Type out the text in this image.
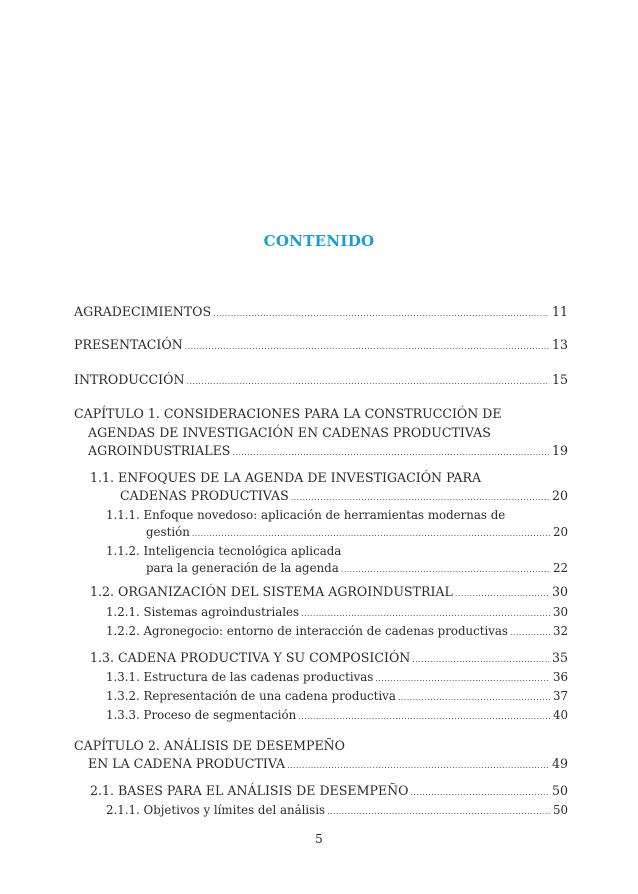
CONTENIDO
AGRADECIMIENTOS .....	11
PRESENTACIÓN .....	13
INTRODUCCIÓN .....	15
CAPÍTULO 1. CONSIDERACIONES PARA LA CONSTRUCCIÓN DE
AGENDAS DE INVESTIGACIÓN EN CADENAS PRODUCTIVAS
AGROINDUSTRIALES .....	19
1.1. ENFOQUES DE LA AGENDA DE INVESTIGACIÓN PARA
CADENAS PRODUCTIVAS .....	20
1.1.1. Enfoque novedoso: aplicación de herramientas modernas de
gestión .....	20
1.1.2. Inteligencia tecnológica aplicada
para la generación de la agenda .....	22
1.2. ORGANIZACIÓN DEL SISTEMA AGROINDUSTRIAL .....	30
1.2.1. Sistemas agroindustriales .....	30
1.2.2. Agronegocio: entorno de interacción de cadenas productivas .....	32
1.3. CADENA PRODUCTIVA Y SU COMPOSICIÓN .....	35
1.3.1. Estructura de las cadenas productivas .....	36
1.3.2. Representación de una cadena productiva .....	37
1.3.3. Proceso de segmentación .....	40
CAPÍTULO 2. ANÁLISIS DE DESEMPEÑO
EN LA CADENA PRODUCTIVA .....	49
2.1. BASES PARA EL ANÁLISIS DE DESEMPEÑO .....	50
2.1.1. Objetivos y límites del análisis .....	50
5
